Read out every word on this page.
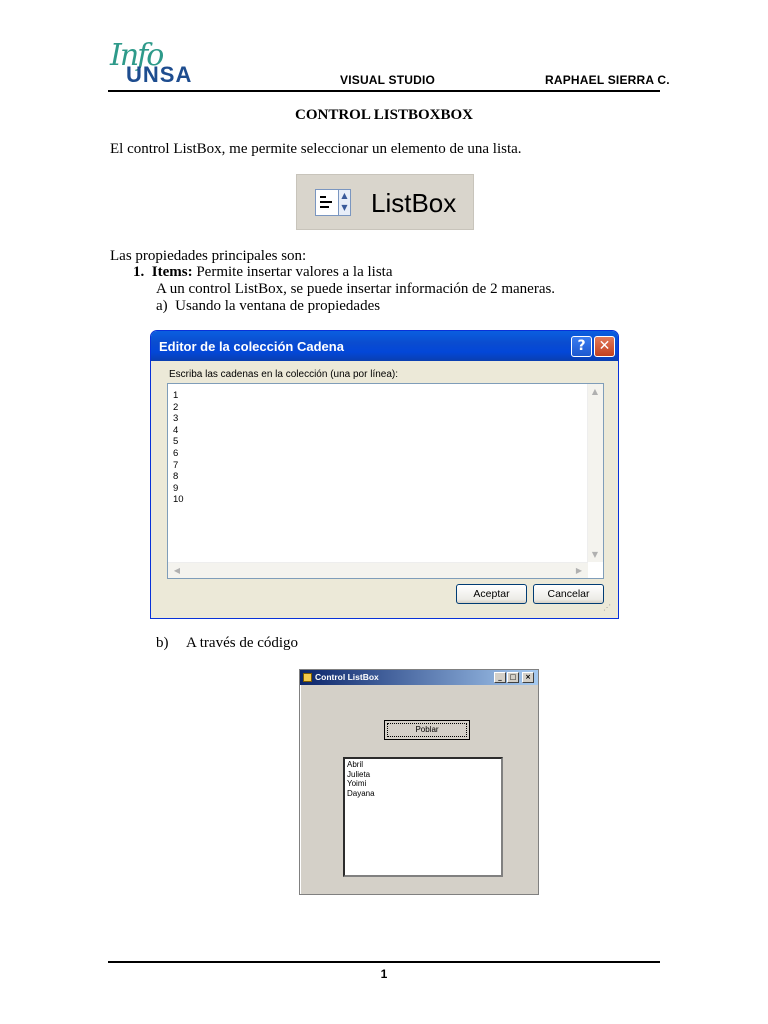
Info
UNSA	VISUAL STUDIO	RAPHAEL SIERRA C.
CONTROL LISTBOXBOX
El control ListBox, me permite seleccionar un elemento de una lista.
▲
▼ ListBox
Las propiedades principales son:
1. Items: Permite insertar valores a la lista
A un control ListBox, se puede insertar información de 2 maneras.
a)  Usando la ventana de propiedades
Editor de la colección Cadena	? ✕
Escriba las cadenas en la colección (una por línea):
1
2
3
4
5
6
7
8
9
10
▲
▼
◀	▶
Aceptar	Cancelar
⋰
b) A través de código
Control ListBox	_	□	×
Poblar
Abril
Julieta
Yoimi
Dayana
1
